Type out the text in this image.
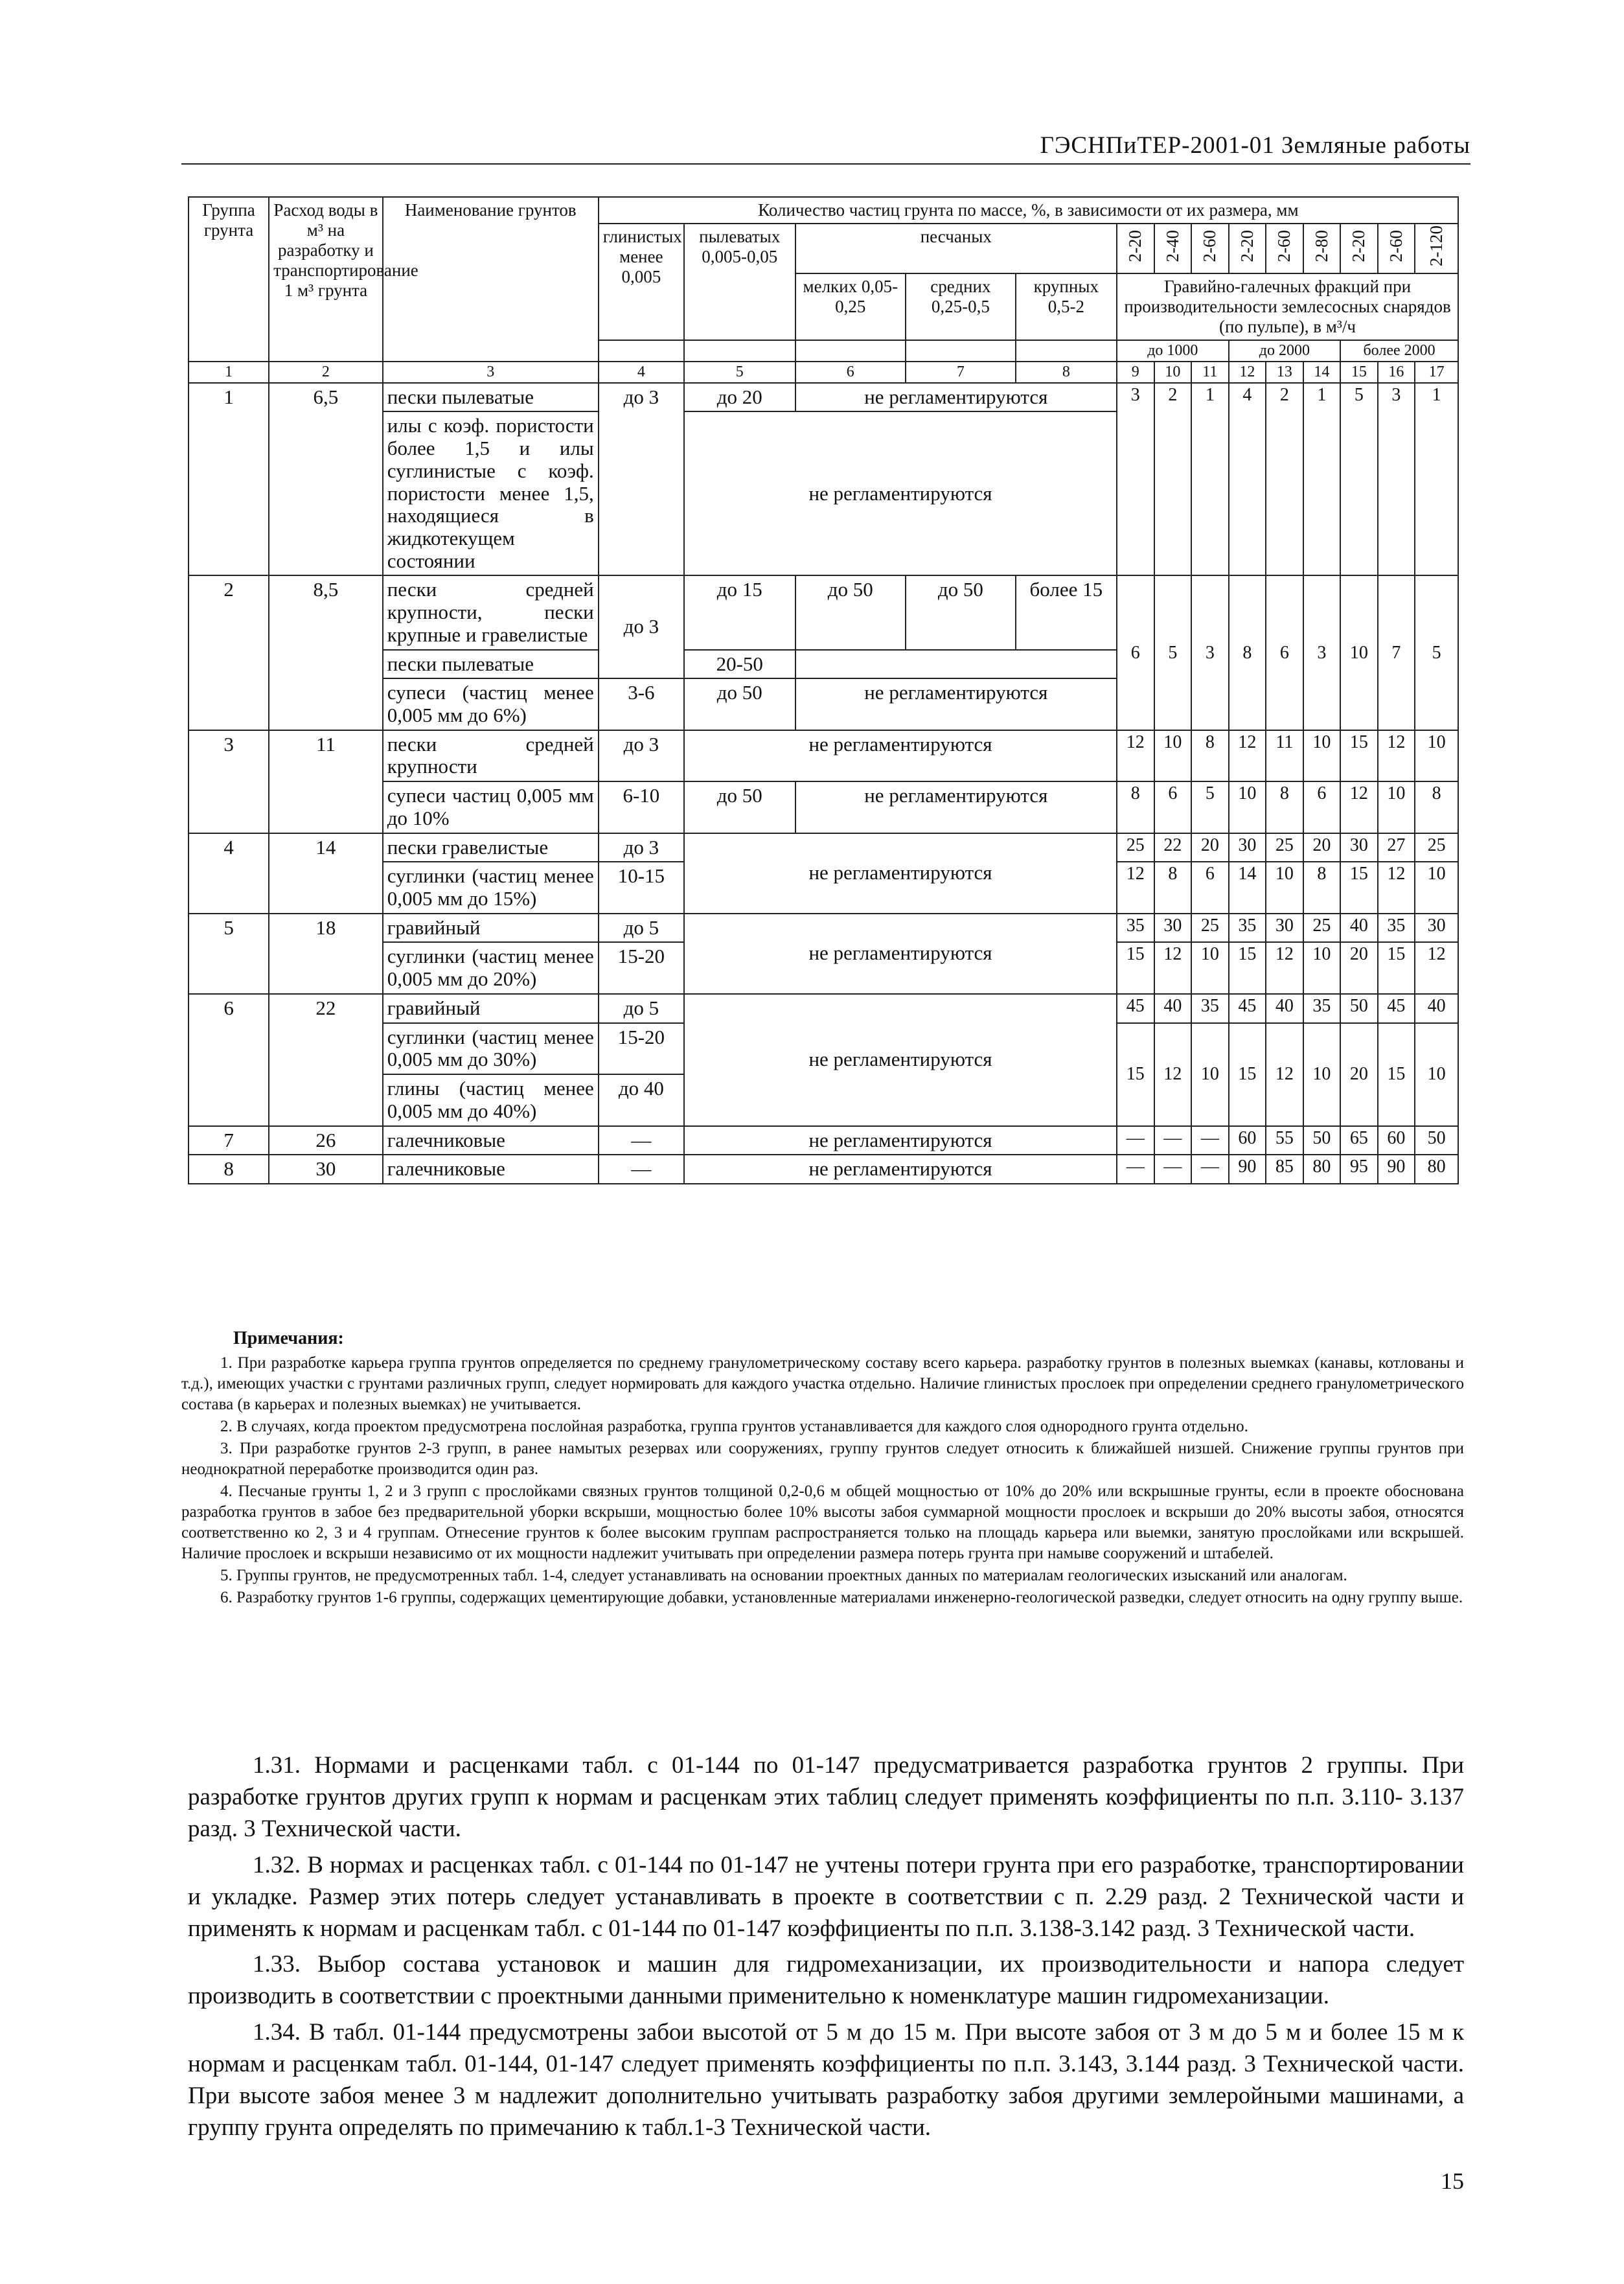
ГЭСНПиТЕР-2001-01 Земляные работы
Группа грунта	Расход воды в м³ на разработку и транспортирование 1 м³ грунта	Наименование грунтов	Количество частиц грунта по массе, %, в зависимости от их размера, мм													
			глинистых менее 0,005	пылеватых 0,005-0,05	песчаных			2-20	2-40	2-60	2-20	2-60	2-80	2-20	2-60	2-120
					мелких 0,05-0,25	средних 0,25-0,5	крупных 0,5-2	Гравийно-галечных фракций при производительности землесосных снарядов (по пульпе), в м³/ч								
								до 1000			до 2000			более 2000		
1	2	3	4	5	6	7	8	9	10	11	12	13	14	15	16	17
1	6,5	пески пылеватые	до 3	до 20	не регламентируются			3	2	1	4	2	1	5	3	1
		илы с коэф. пористости более 1,5 и илы суглинистые с коэф. пористости менее 1,5, находящиеся в жидкотекущем состоянии		не регламентируются												
2	8,5	пески средней крупности, пески крупные и гравелистые	до 3	до 15	до 50	до 50	более 15	6	5	3	8	6	3	10	7	5
		пески пылеватые		20-50												
		супеси (частиц менее 0,005 мм до 6%)	3-6	до 50	не регламентируются											
3	11	пески средней крупности	до 3	не регламентируются				12	10	8	12	11	10	15	12	10
		супеси частиц 0,005 мм до 10%	6-10	до 50	не регламентируются			8	6	5	10	8	6	12	10	8
4	14	пески гравелистые	до 3	не регламентируются				25	22	20	30	25	20	30	27	25
		суглинки (частиц менее 0,005 мм до 15%)	10-15					12	8	6	14	10	8	15	12	10
5	18	гравийный	до 5	не регламентируются				35	30	25	35	30	25	40	35	30
		суглинки (частиц менее 0,005 мм до 20%)	15-20					15	12	10	15	12	10	20	15	12
6	22	гравийный	до 5	не регламентируются				45	40	35	45	40	35	50	45	40
		суглинки (частиц менее 0,005 мм до 30%)	15-20					15	12	10	15	12	10	20	15	10
		глины (частиц менее 0,005 мм до 40%)	до 40													
7	26	галечниковые	—	не регламентируются				—	—	—	60	55	50	65	60	50
8	30	галечниковые	—	не регламентируются				—	—	—	90	85	80	95	90	80
Примечания:

1. При разработке карьера группа грунтов определяется по среднему гранулометрическому составу всего карьера. разработку грунтов в полезных выемках (канавы, котлованы и т.д.), имеющих участки с грунтами различных групп, следует нормировать для каждого участка отдельно. Наличие глинистых прослоек при определении среднего гранулометрического состава (в карьерах и полезных выемках) не учитывается.

2. В случаях, когда проектом предусмотрена послойная разработка, группа грунтов устанавливается для каждого слоя однородного грунта отдельно.

3. При разработке грунтов 2-3 групп, в ранее намытых резервах или сооружениях, группу грунтов следует относить к ближайшей низшей. Снижение группы грунтов при неоднократной переработке производится один раз.

4. Песчаные грунты 1, 2 и 3 групп с прослойками связных грунтов толщиной 0,2-0,6 м общей мощностью от 10% до 20% или вскрышные грунты, если в проекте обоснована разработка грунтов в забое без предварительной уборки вскрыши, мощностью более 10% высоты забоя суммарной мощности прослоек и вскрыши до 20% высоты забоя, относятся соответственно ко 2, 3 и 4 группам. Отнесение грунтов к более высоким группам распространяется только на площадь карьера или выемки, занятую прослойками или вскрышей. Наличие прослоек и вскрыши независимо от их мощности надлежит учитывать при определении размера потерь грунта при намыве сооружений и штабелей.

5. Группы грунтов, не предусмотренных табл. 1-4, следует устанавливать на основании проектных данных по материалам геологических изысканий или аналогам.

6. Разработку грунтов 1-6 группы, содержащих цементирующие добавки, установленные материалами инженерно-геологической разведки, следует относить на одну группу выше.

1.31. Нормами и расценками табл. с 01-144 по 01-147 предусматривается разработка грунтов 2 группы. При разработке грунтов других групп к нормам и расценкам этих таблиц следует применять коэффициенты по п.п. 3.110- 3.137 разд. 3 Технической части.

1.32. В нормах и расценках табл. с 01-144 по 01-147 не учтены потери грунта при его разработке, транспортировании и укладке. Размер этих потерь следует устанавливать в проекте в соответствии с п. 2.29 разд. 2 Технической части и применять к нормам и расценкам табл. с 01-144 по 01-147 коэффициенты по п.п. 3.138-3.142 разд. 3 Технической части.

1.33. Выбор состава установок и машин для гидромеханизации, их производительности и напора следует производить в соответствии с проектными данными применительно к номенклатуре машин гидромеханизации.

1.34. В табл. 01-144 предусмотрены забои высотой от 5 м до 15 м. При высоте забоя от 3 м до 5 м и более 15 м к нормам и расценкам табл. 01-144, 01-147 следует применять коэффициенты по п.п. 3.143, 3.144 разд. 3 Технической части. При высоте забоя менее 3 м надлежит дополнительно учитывать разработку забоя другими землеройными машинами, а группу грунта определять по примечанию к табл.1-3 Технической части.

15
